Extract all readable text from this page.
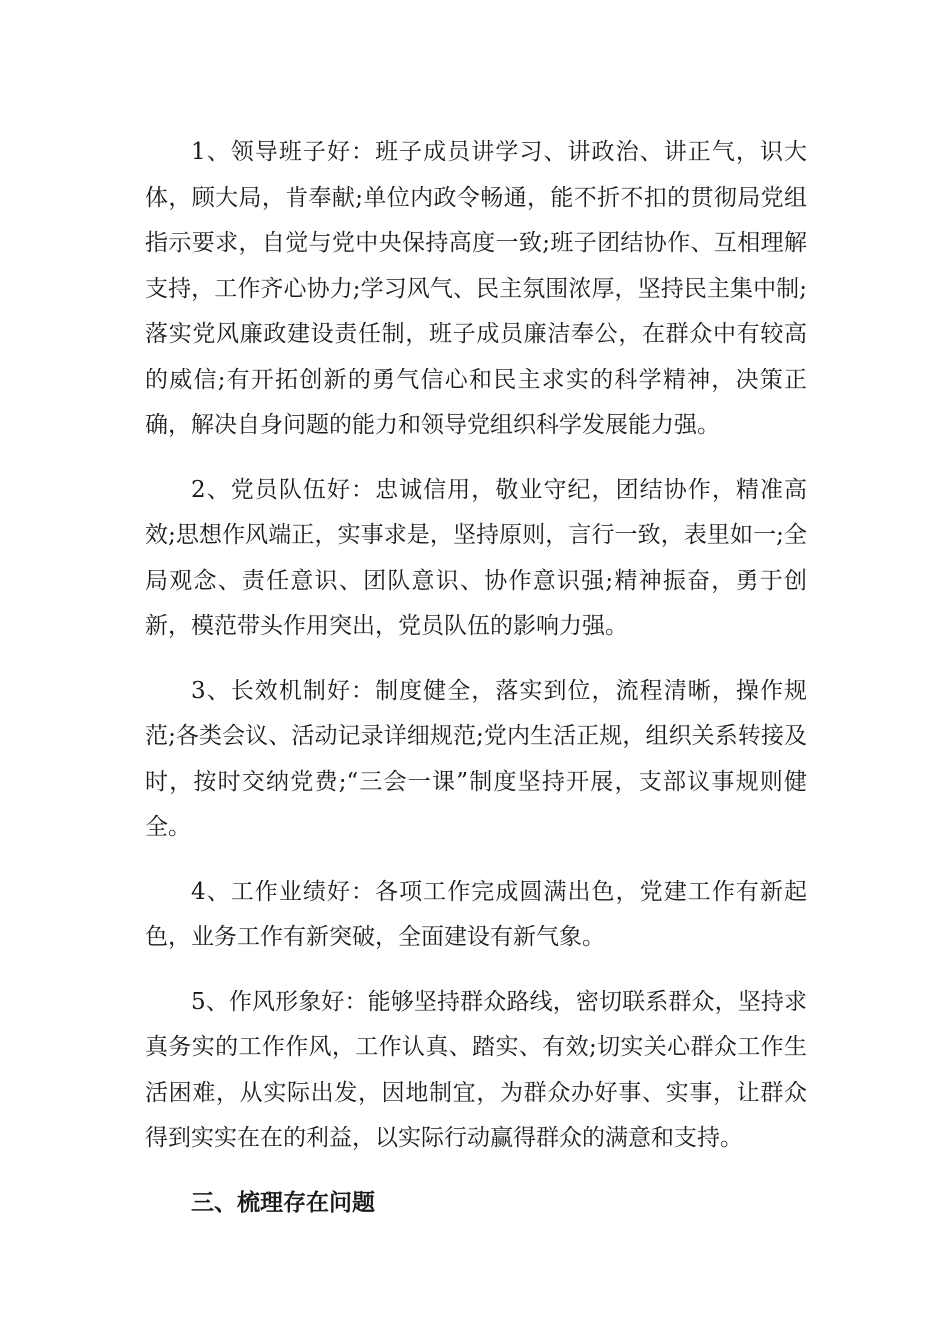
1、领导班子好：班子成员讲学习、讲政治、讲正气，识大体，顾大局，肯奉献;单位内政令畅通，能不折不扣的贯彻局党组指示要求，自觉与党中央保持高度一致;班子团结协作、互相理解支持，工作齐心协力;学习风气、民主氛围浓厚，坚持民主集中制;落实党风廉政建设责任制，班子成员廉洁奉公，在群众中有较高的威信;有开拓创新的勇气信心和民主求实的科学精神，决策正确，解决自身问题的能力和领导党组织科学发展能力强。

2、党员队伍好：忠诚信用，敬业守纪，团结协作，精准高效;思想作风端正，实事求是，坚持原则，言行一致，表里如一;全局观念、责任意识、团队意识、协作意识强;精神振奋，勇于创新，模范带头作用突出，党员队伍的影响力强。

3、长效机制好：制度健全，落实到位，流程清晰，操作规范;各类会议、活动记录详细规范;党内生活正规，组织关系转接及时，按时交纳党费;“三会一课”制度坚持开展，支部议事规则健全。

4、工作业绩好：各项工作完成圆满出色，党建工作有新起色，业务工作有新突破，全面建设有新气象。

5、作风形象好：能够坚持群众路线，密切联系群众，坚持求真务实的工作作风，工作认真、踏实、有效;切实关心群众工作生活困难，从实际出发，因地制宜，为群众办好事、实事，让群众得到实实在在的利益，以实际行动赢得群众的满意和支持。

三、梳理存在问题
